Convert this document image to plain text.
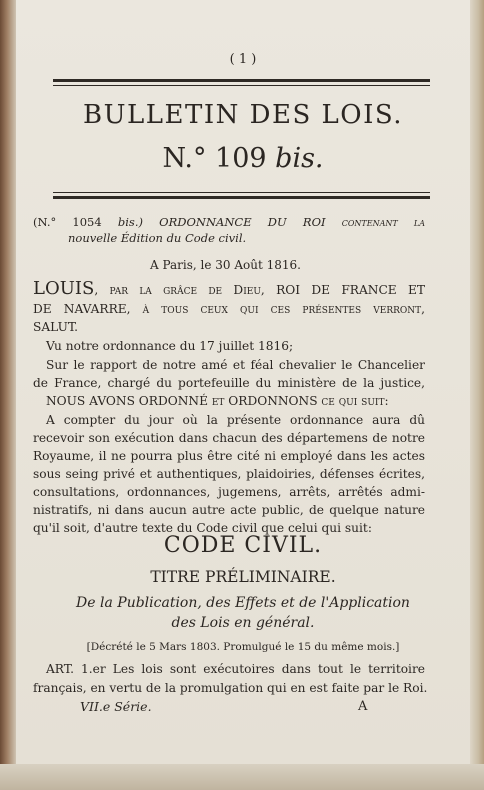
( 1 )
BULLETIN DES LOIS.
N.° 109 bis.
(N.° 1054 bis.) ORDONNANCE DU ROI contenant la
nouvelle Édition du Code civil.
A Paris, le 30 Août 1816.
LOUIS, par la grâce de Dieu, ROI DE FRANCE ET
DE NAVARRE, à tous ceux qui ces présentes verront,
SALUT.
Vu notre ordonnance du 17 juillet 1816;
Sur le rapport de notre amé et féal chevalier le Chancelier
de France, chargé du portefeuille du ministère de la justice,
NOUS AVONS ORDONNÉ et ORDONNONS ce qui suit:
A compter du jour où la présente ordonnance aura dû
recevoir son exécution dans chacun des départemens de notre
Royaume, il ne pourra plus être cité ni employé dans les actes
sous seing privé et authentiques, plaidoiries, défenses écrites,
consultations, ordonnances, jugemens, arrêts, arrêtés admi-
nistratifs, ni dans aucun autre acte public, de quelque nature
qu'il soit, d'autre texte du Code civil que celui qui suit:
CODE CIVIL.
TITRE PRÉLIMINAIRE.
De la Publication, des Effets et de l'Application
des Lois en général.
[Décrété le 5 Mars 1803. Promulgué le 15 du même mois.]
ART. 1.er Les lois sont exécutoires dans tout le territoire
français, en vertu de la promulgation qui en est faite par le Roi.
VII.e Série.	A
